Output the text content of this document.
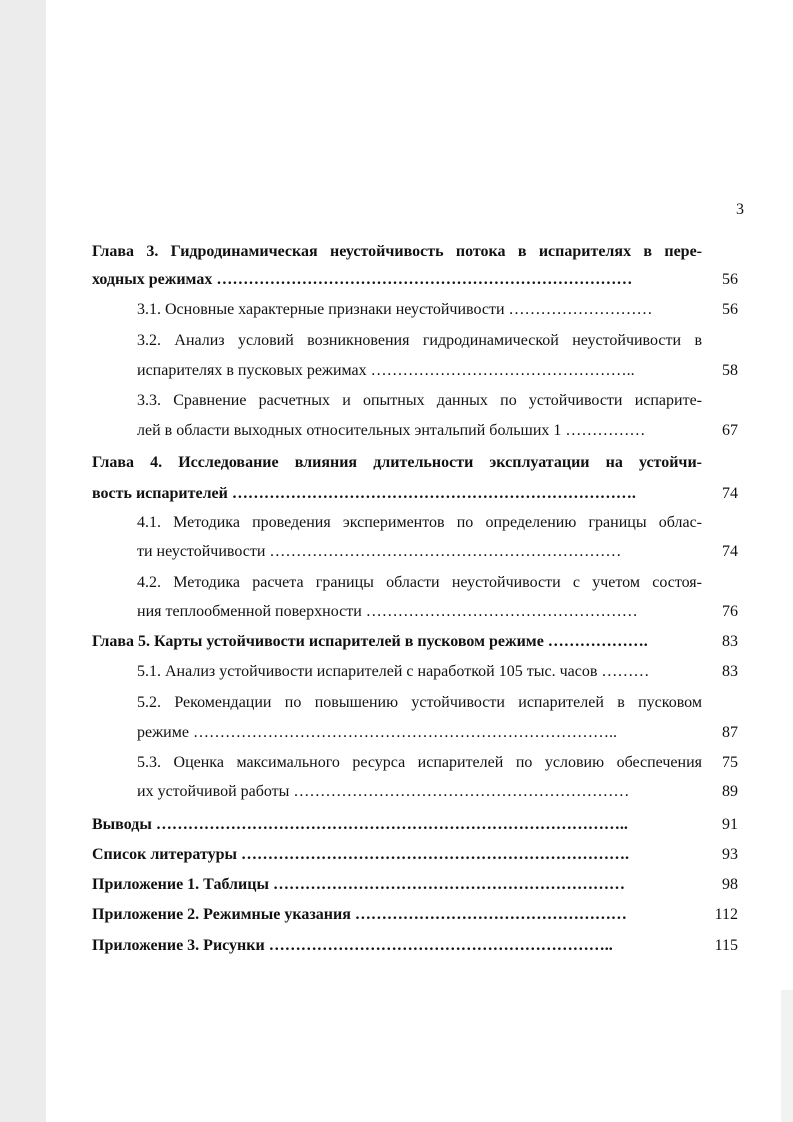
3
Глава 3. Гидродинамическая неустойчивость потока в испарителях в пере-
ходных режимах ……………………………………………………………………	56
3.1. Основные характерные признаки неустойчивости ………………………	56
3.2. Анализ условий возникновения гидродинамической неустойчивости в
испарителях в пусковых режимах …………………………………………..	58
3.3. Сравнение расчетных и опытных данных по устойчивости испарите-
лей в области выходных относительных энтальпий больших 1 ……………	67
Глава 4. Исследование влияния длительности эксплуатации на устойчи-
вость испарителей ………………………………………………………………….	74
4.1. Методика проведения экспериментов по определению границы облас-
ти неустойчивости …………………………………………………………	74
4.2. Методика расчета границы области неустойчивости с учетом состоя-
ния теплообменной поверхности ……………………………………………	76
Глава 5. Карты устойчивости испарителей в пусковом режиме ……………….	83
5.1. Анализ устойчивости испарителей с наработкой 105 тыс. часов ………	83
5.2. Рекомендации по повышению устойчивости испарителей в пусковом
режиме ……………………………………………………………………..	87
5.3. Оценка максимального ресурса испарителей по условию обеспечения	75
их устойчивой работы ………………………………………………………	89
Выводы ……………………………………………………………………………..	91
Список литературы ……………………………………………………………….	93
Приложение 1. Таблицы …………………………………………………………	98
Приложение 2. Режимные указания ……………………………………………	112
Приложение 3. Рисунки ………………………………………………………..	115
